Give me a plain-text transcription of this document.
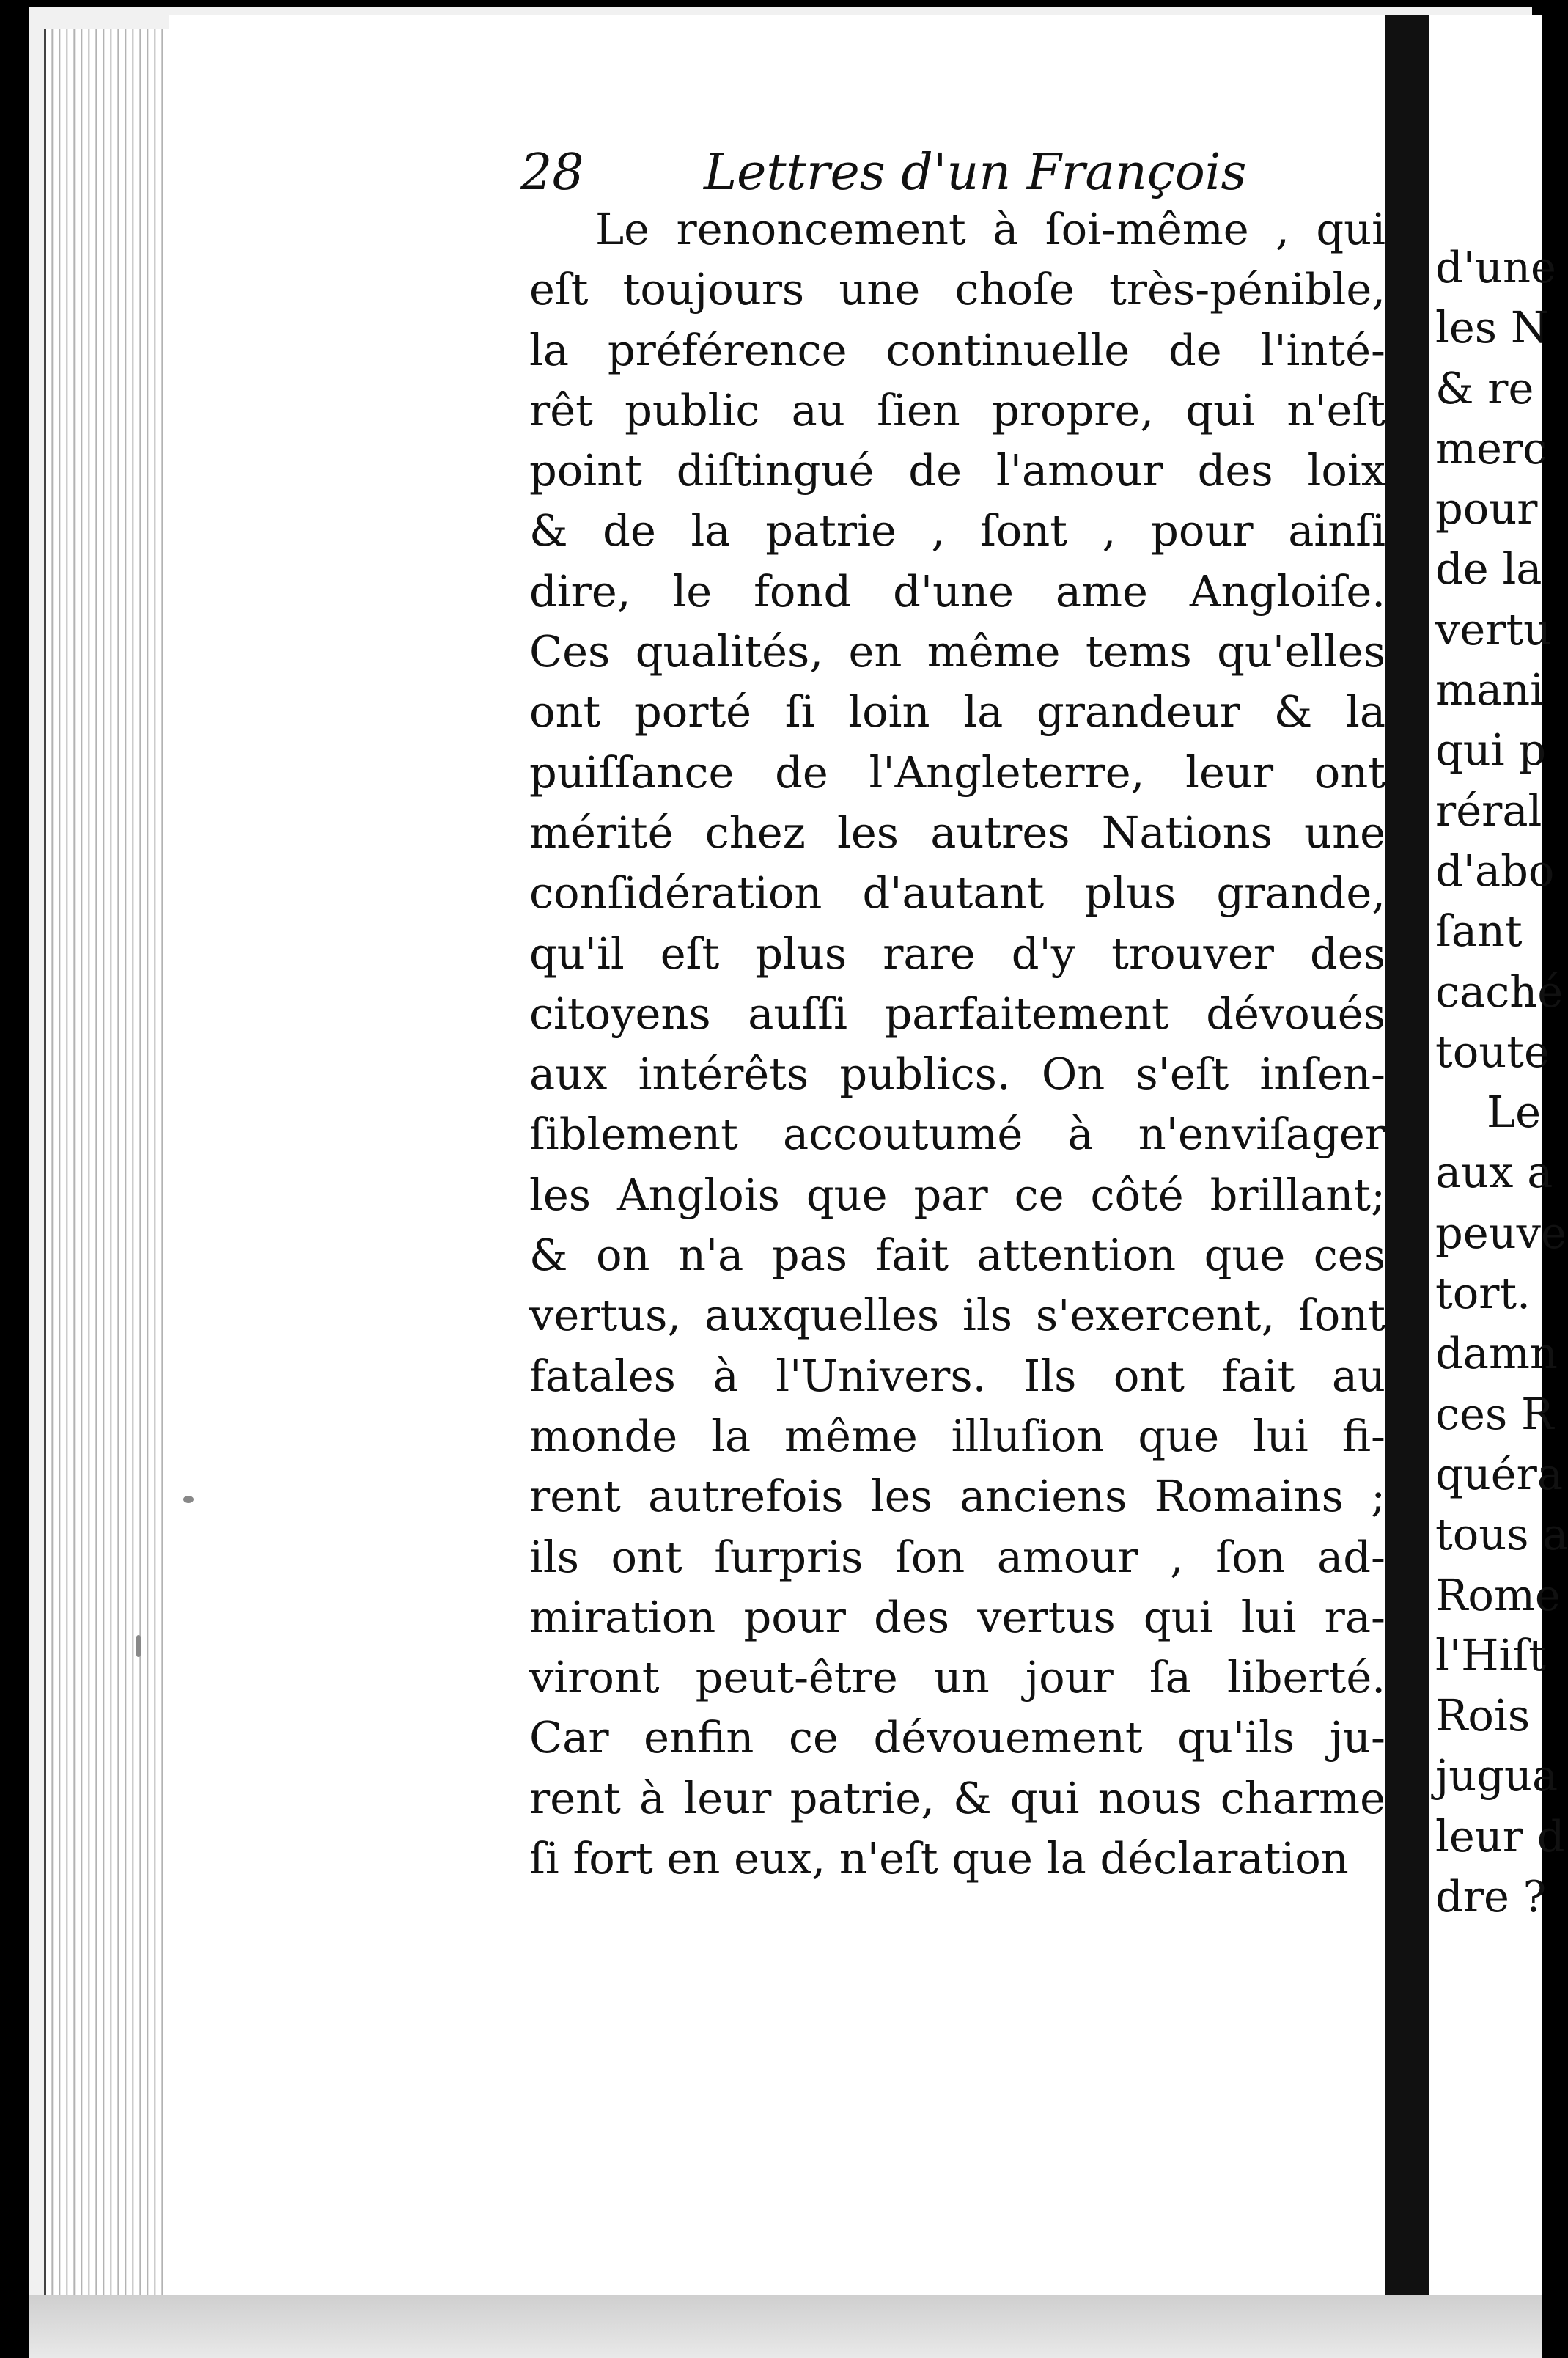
d'une
les N
& re
merc
pour
de la
vertu
mani
qui p
réral
d'abo
ſant
caché
toute
Le
aux a
peuve
tort.
damn
ces R
quéra
tous a
Rome
l'Hiſt
Rois
jugua
leur d
dre ?
28 Lettres d'un François
Le renoncement à ſoi-même , qui
eſt toujours une choſe très-pénible,
la préférence continuelle de l'inté-
rêt public au ſien propre, qui n'eſt
point diſtingué de l'amour des loix
& de la patrie , ſont , pour ainſi
dire, le fond d'une ame Angloiſe.
Ces qualités, en même tems qu'elles
ont porté ſi loin la grandeur & la
puiſſance de l'Angleterre, leur ont
mérité chez les autres Nations une
conſidération d'autant plus grande,
qu'il eſt plus rare d'y trouver des
citoyens auſſi parfaitement dévoués
aux intérêts publics. On s'eſt inſen-
ſiblement accoutumé à n'enviſager
les Anglois que par ce côté brillant;
& on n'a pas fait attention que ces
vertus, auxquelles ils s'exercent, ſont
fatales à l'Univers. Ils ont fait au
monde la même illuſion que lui fi-
rent autrefois les anciens Romains ;
ils ont ſurpris ſon amour , ſon ad-
miration pour des vertus qui lui ra-
viront peut-être un jour ſa liberté.
Car enfin ce dévouement qu'ils ju-
rent à leur patrie, & qui nous charme
ſi fort en eux, n'eſt que la déclaration
